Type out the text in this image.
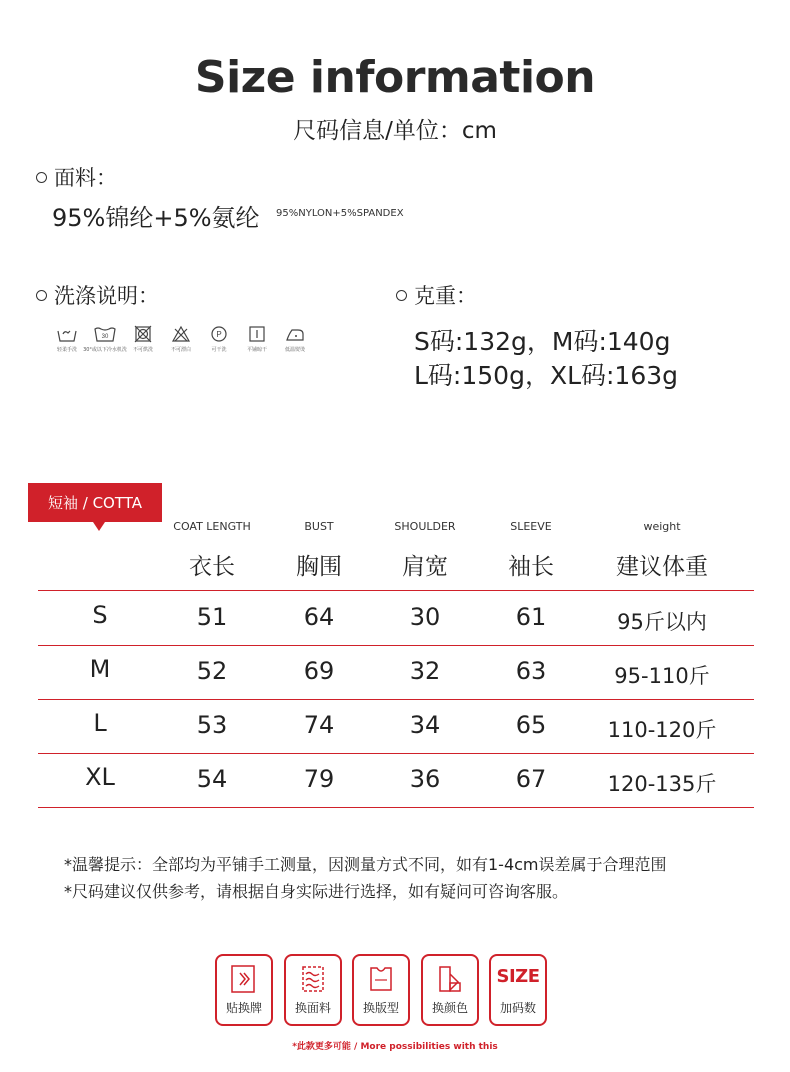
Size information
尺码信息/单位：cm
面料：
95%锦纶+5%氨纶 95%NYLON+5%SPANDEX
洗涤说明：
轻柔手洗
30
30°或以下冷水机洗 不可烘洗	不可漂白
P
可干洗	平铺晾干	低温熨烫
克重：
S码:132g，M码:140g
L码:150g，XL码:163g
短袖 / COTTA
COAT LENGTH	BUST	SHOULDER	SLEEVE	weight
衣长	胸围	肩宽	袖长	建议体重
S	51	64	30	61	95斤以内
M	52	69	32	63	95-110斤
L	53	74	34	65	110-120斤
XL	54	79	36	67	120-135斤
*温馨提示：全部均为平铺手工测量，因测量方式不同，如有1-4cm误差属于合理范围
*尺码建议仅供参考，请根据自身实际进行选择，如有疑问可咨询客服。
贴换牌	换面料	换版型	换颜色
SIZE
加码数
*此款更多可能 / More possibilities with this
